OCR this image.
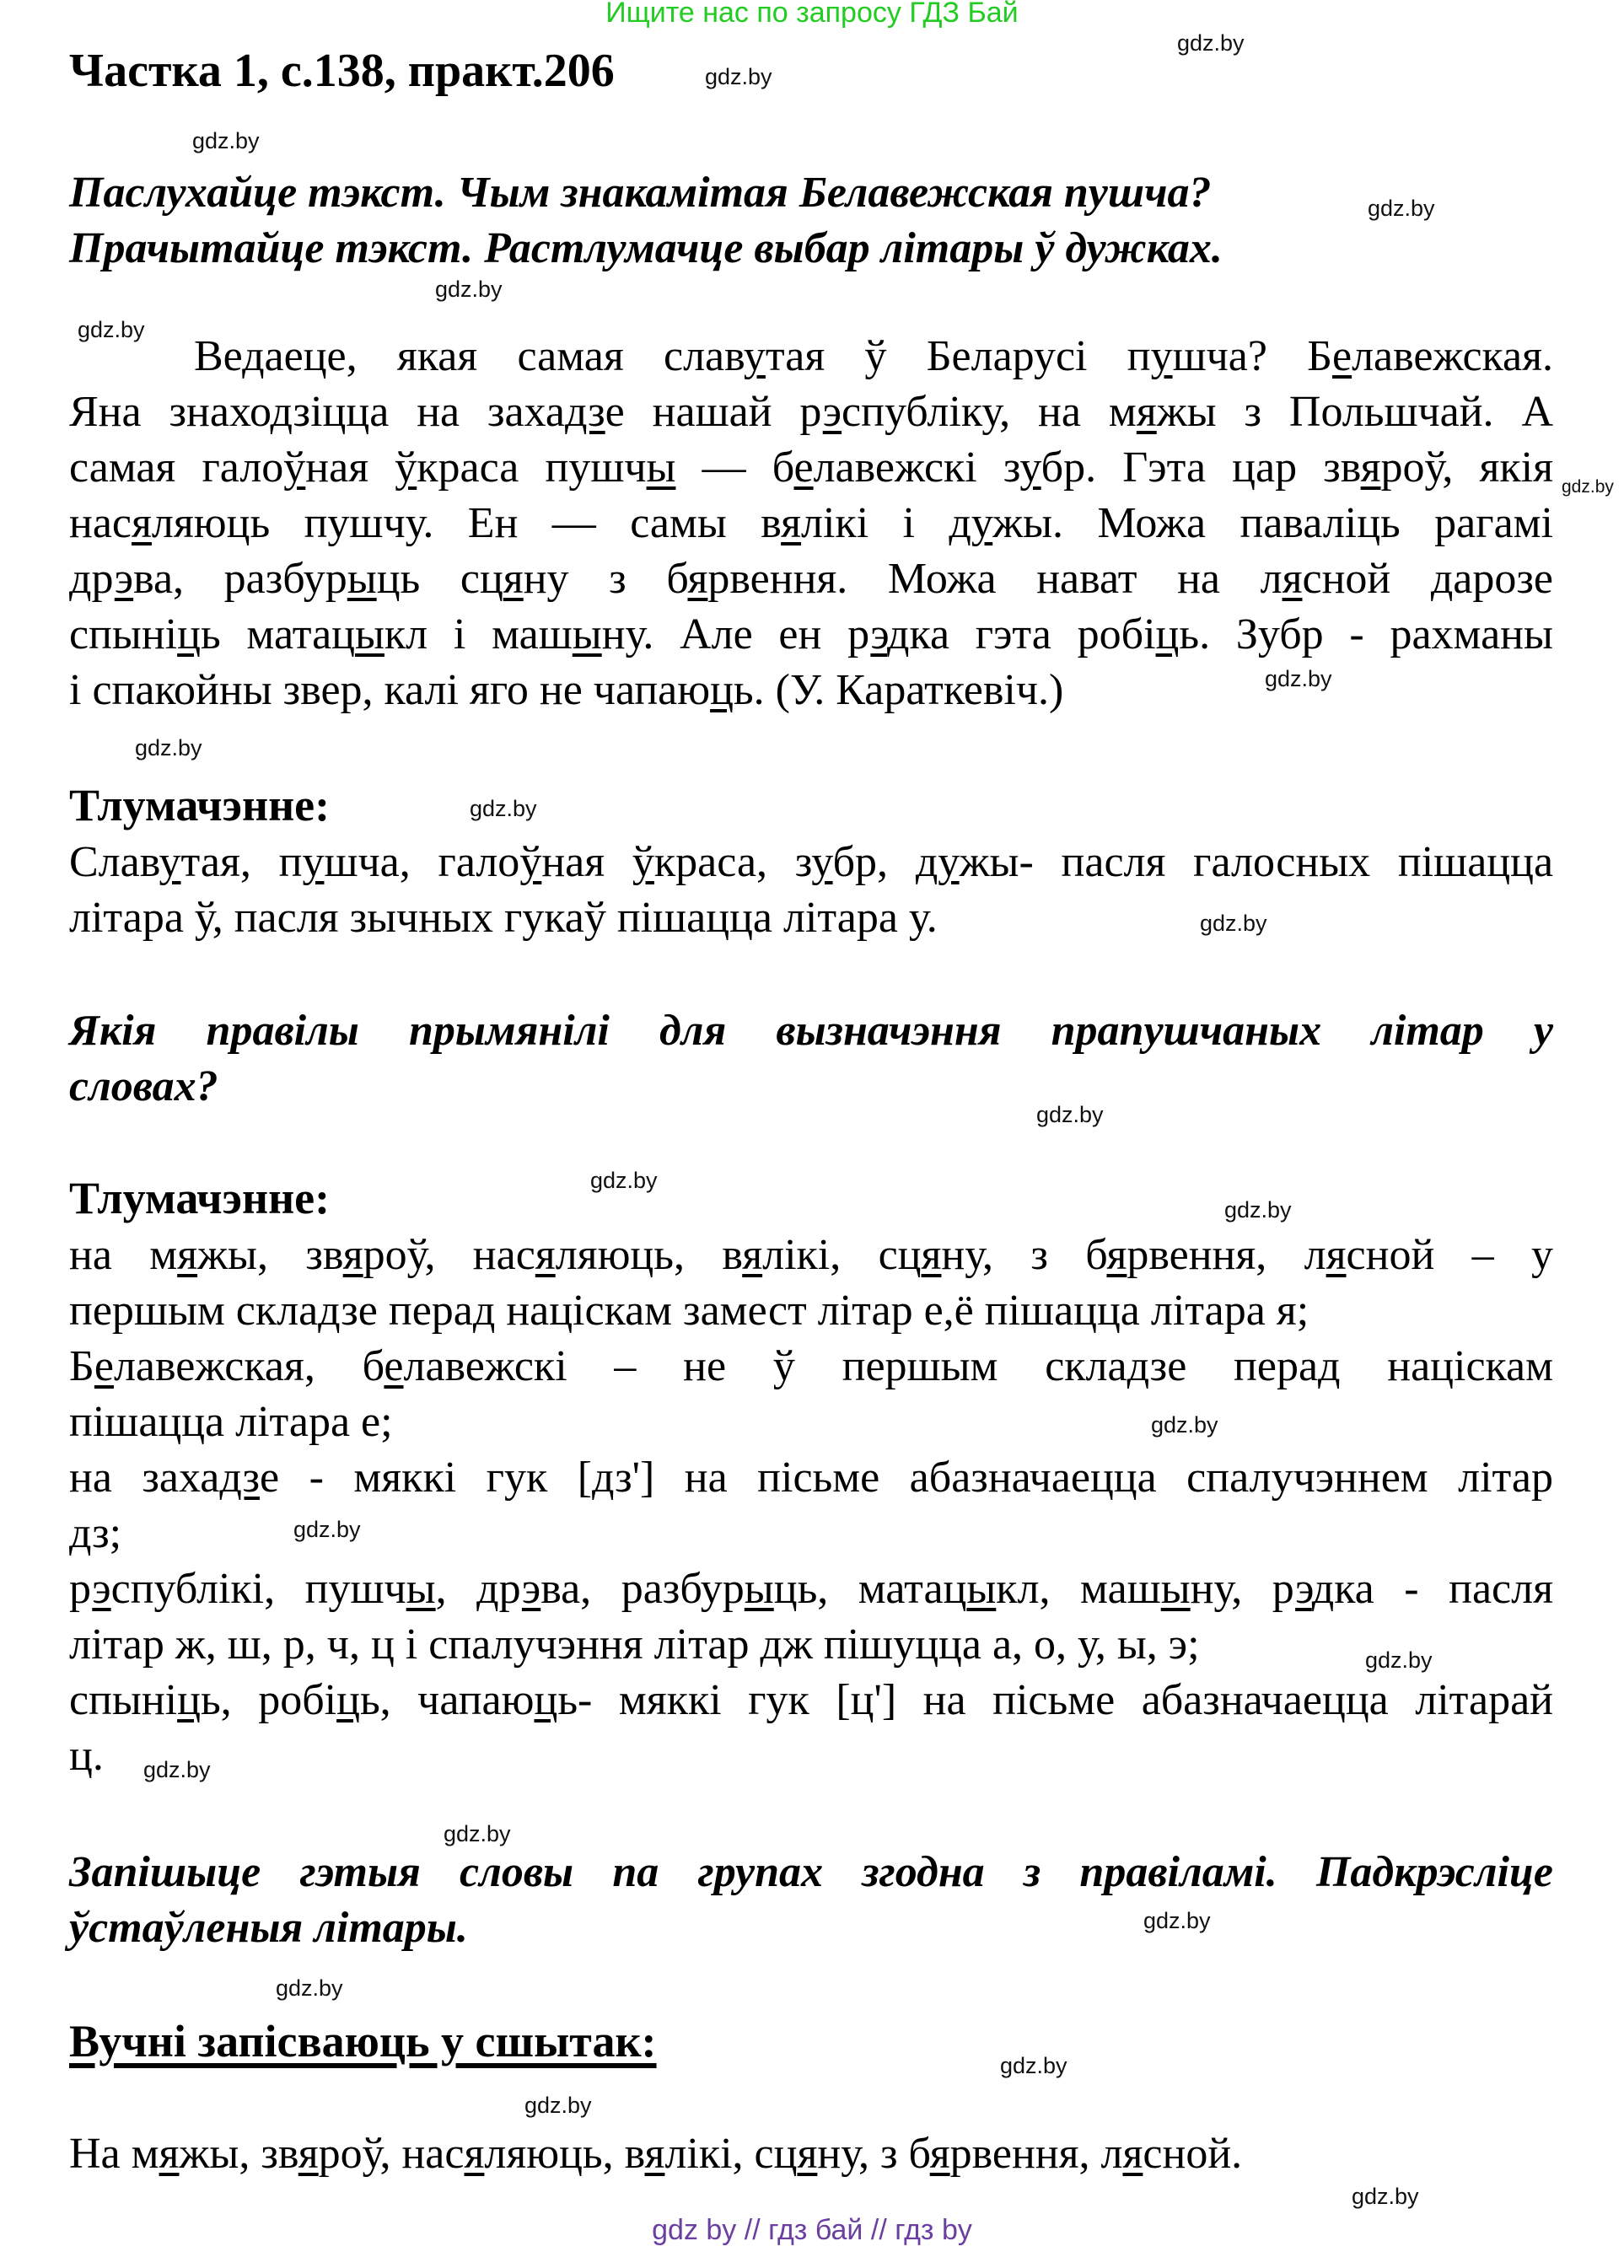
Ищите нас по запросу ГДЗ Бай
Частка 1, с.138, практ.206
Паслухайце тэкст. Чым знакамітая Белавежская пушча?
Прачытайце тэкст. Растлумачце выбар літары ў дужках.
Ведаеце, якая самая славутая ў Беларусі пушча? Белавежская.
Яна знаходзіцца на захадзе нашай рэспубліку, на мяжы з Польшчай. А
самая галоўная ўкраса пушчы — белавежскі зубр. Гэта цар звяроў, якія
насяляюць пушчу. Ен — самы вялікі і дужы. Можа паваліць рагамі
дрэва, разбурыць сцяну з бярвення. Можа нават на лясной дарозе
спыніць матацыкл і машыну. Але ен рэдка гэта робіць. Зубр - рахманы
і спакойны звер, калі яго не чапаюць. (У. Караткевіч.)
Тлумачэнне:
Славутая, пушча, галоўная ўкраса, зубр, дужы- пасля галосных пішацца
літара ў, пасля зычных гукаў пішацца літара у.
Якія правілы прымянілі для вызначэння прапушчаных літар у
словах?
Тлумачэнне:
на мяжы, звяроў, насяляюць, вялікі, сцяну, з бярвення, лясной – у
першым складзе перад націскам замест літар е,ё пішацца літара я;
Белавежская, белавежскі – не ў першым складзе перад націскам
пішацца літара е;
на захадзе - мяккі гук [дз'] на пісьме абазначаецца спалучэннем літар
дз;
рэспублікі, пушчы, дрэва, разбурыць, матацыкл, машыну, рэдка - пасля
літар ж, ш, р, ч, ц і спалучэння літар дж пішуцца а, о, у, ы, э;
спыніць, робіць, чапаюць- мяккі гук [ц'] на пісьме абазначаецца літарай
ц.
Запішыце гэтыя словы па групах згодна з правіламі. Падкрэсліце
ўстаўленыя літары.
Вучні запісваюць у сшытак:
На мяжы, звяроў, насяляюць, вялікі, сцяну, з бярвення, лясной.
gdz by // гдз бай // гдз by
gdz.by
gdz.by
gdz.by
gdz.by
gdz.by
gdz.by
gdz.by
gdz.by
gdz.by
gdz.by
gdz.by
gdz.by
gdz.by
gdz.by
gdz.by
gdz.by
gdz.by
gdz.by
gdz.by
gdz.by
gdz.by
gdz.by
gdz.by
gdz.by
